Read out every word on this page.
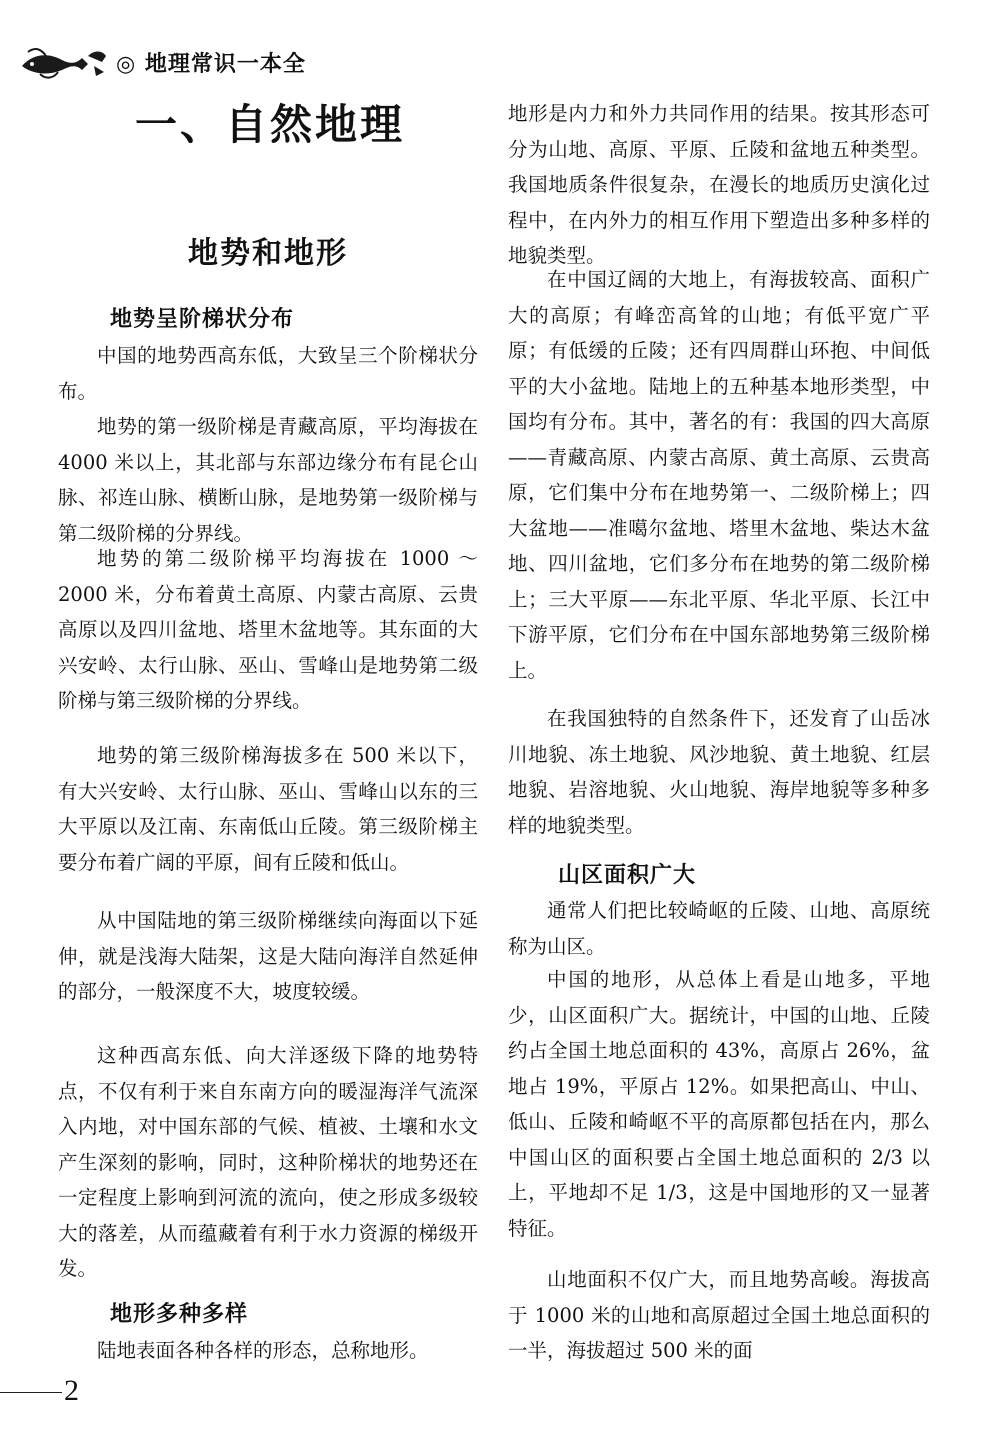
◎ 地理常识一本全
一、自然地理
地势和地形
地势呈阶梯状分布

中国的地势西高东低，大致呈三个阶梯状分布。

地势的第一级阶梯是青藏高原，平均海拔在 4000 米以上，其北部与东部边缘分布有昆仑山脉、祁连山脉、横断山脉，是地势第一级阶梯与第二级阶梯的分界线。

地势的第二级阶梯平均海拔在 1000 ～ 2000 米，分布着黄土高原、内蒙古高原、云贵高原以及四川盆地、塔里木盆地等。其东面的大兴安岭、太行山脉、巫山、雪峰山是地势第二级阶梯与第三级阶梯的分界线。

地势的第三级阶梯海拔多在 500 米以下，有大兴安岭、太行山脉、巫山、雪峰山以东的三大平原以及江南、东南低山丘陵。第三级阶梯主要分布着广阔的平原，间有丘陵和低山。

从中国陆地的第三级阶梯继续向海面以下延伸，就是浅海大陆架，这是大陆向海洋自然延伸的部分，一般深度不大，坡度较缓。

这种西高东低、向大洋逐级下降的地势特点，不仅有利于来自东南方向的暖湿海洋气流深入内地，对中国东部的气候、植被、土壤和水文产生深刻的影响，同时，这种阶梯状的地势还在一定程度上影响到河流的流向，使之形成多级较大的落差，从而蕴藏着有利于水力资源的梯级开发。

地形多种多样

陆地表面各种各样的形态，总称地形。

地形是内力和外力共同作用的结果。按其形态可分为山地、高原、平原、丘陵和盆地五种类型。我国地质条件很复杂，在漫长的地质历史演化过程中，在内外力的相互作用下塑造出多种多样的地貌类型。

在中国辽阔的大地上，有海拔较高、面积广大的高原；有峰峦高耸的山地；有低平宽广平原；有低缓的丘陵；还有四周群山环抱、中间低平的大小盆地。陆地上的五种基本地形类型，中国均有分布。其中，著名的有：我国的四大高原——青藏高原、内蒙古高原、黄土高原、云贵高原，它们集中分布在地势第一、二级阶梯上；四大盆地——准噶尔盆地、塔里木盆地、柴达木盆地、四川盆地，它们多分布在地势的第二级阶梯上；三大平原——东北平原、华北平原、长江中下游平原，它们分布在中国东部地势第三级阶梯上。

在我国独特的自然条件下，还发育了山岳冰川地貌、冻土地貌、风沙地貌、黄土地貌、红层地貌、岩溶地貌、火山地貌、海岸地貌等多种多样的地貌类型。

山区面积广大

通常人们把比较崎岖的丘陵、山地、高原统称为山区。

中国的地形，从总体上看是山地多，平地少，山区面积广大。据统计，中国的山地、丘陵约占全国土地总面积的 43%，高原占 26%，盆地占 19%，平原占 12%。如果把高山、中山、低山、丘陵和崎岖不平的高原都包括在内，那么中国山区的面积要占全国土地总面积的 2/3 以上，平地却不足 1/3，这是中国地形的又一显著特征。

山地面积不仅广大，而且地势高峻。海拔高于 1000 米的山地和高原超过全国土地总面积的一半，海拔超过 500 米的面

2
